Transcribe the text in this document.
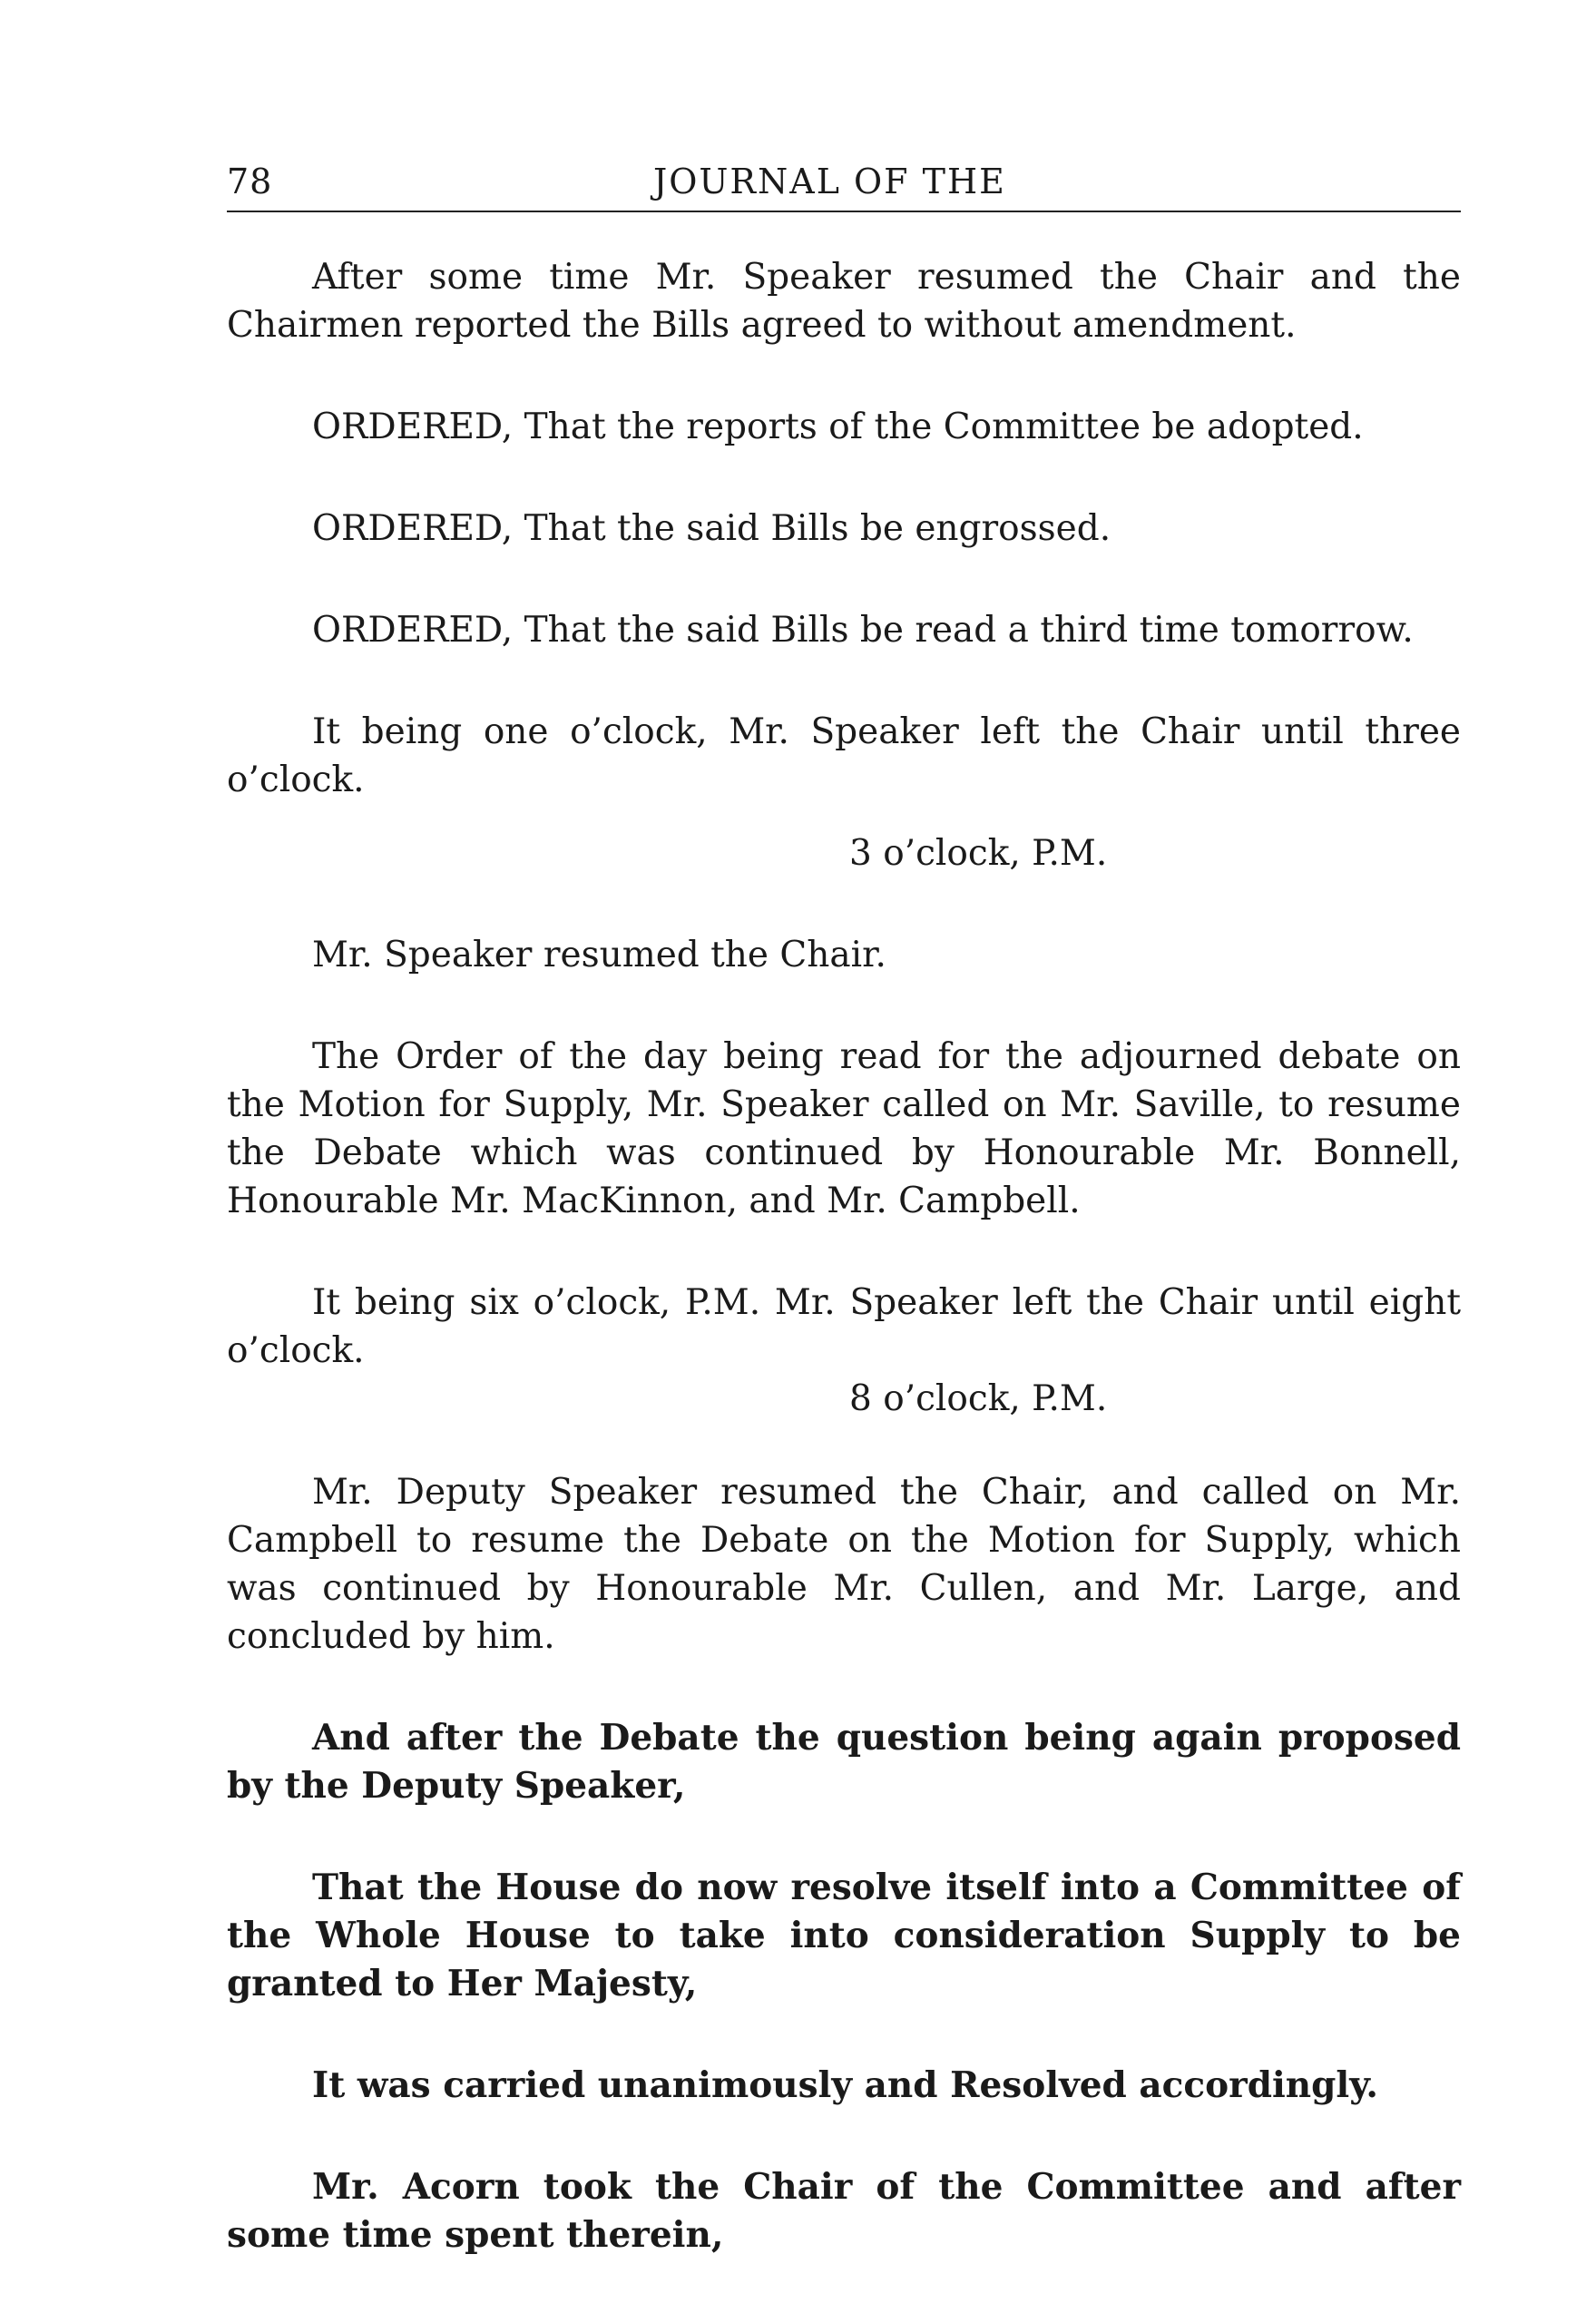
78	JOURNAL OF THE

After some time Mr. Speaker resumed the Chair and the Chairmen reported the Bills agreed to without amendment.

ORDERED, That the reports of the Committee be adopted.

ORDERED, That the said Bills be engrossed.

ORDERED, That the said Bills be read a third time tomorrow.

It being one o’clock, Mr. Speaker left the Chair until three o’clock.

3 o’clock, P.M.

Mr. Speaker resumed the Chair.

The Order of the day being read for the adjourned debate on the Motion for Supply, Mr. Speaker called on Mr. Saville, to resume the Debate which was continued by Honourable Mr. Bonnell, Honourable Mr. MacKinnon, and Mr. Campbell.

It being six o’clock, P.M. Mr. Speaker left the Chair until eight o’clock.

8 o’clock, P.M.

Mr. Deputy Speaker resumed the Chair, and called on Mr. Campbell to resume the Debate on the Motion for Supply, which was continued by Honourable Mr. Cullen, and Mr. Large, and concluded by him.

And after the Debate the question being again proposed by the Deputy Speaker,

That the House do now resolve itself into a Committee of the Whole House to take into consideration Supply to be granted to Her Majesty,

It was carried unanimously and Resolved accordingly.

Mr. Acorn took the Chair of the Committee and after some time spent therein,
